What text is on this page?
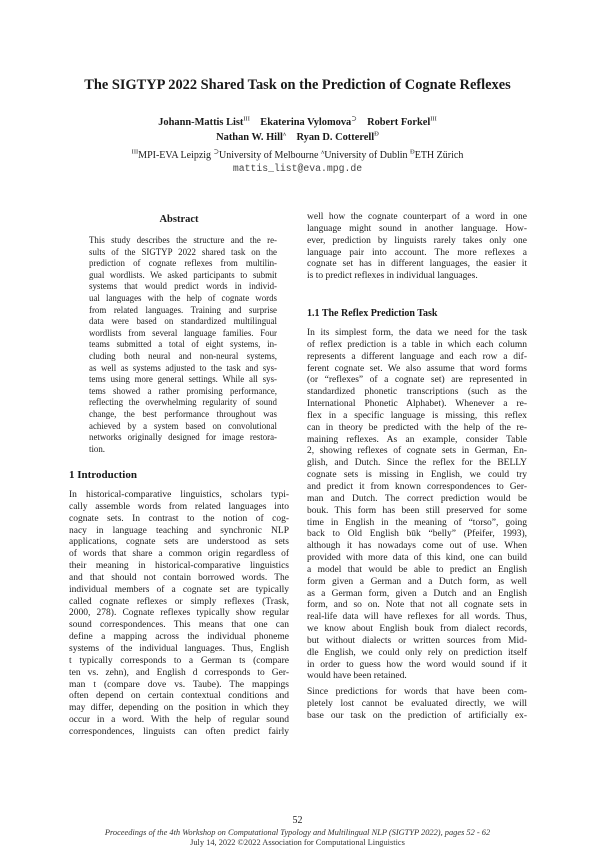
The SIGTYP 2022 Shared Task on the Prediction of Cognate Reflexes
Johann-Mattis List$^{III}$  Ekaterina Vylomova⊃  Robert Forkel$^{III}$
Nathan W. Hill$^ʌ$  Ryan D. Cotterell$^Ɖ$
$^{III}$MPI-EVA Leipzig ⊃University of Melbourne $^ʌ$University of Dublin $^Ɖ$ETH Zürich
mattis_list@eva.mpg.de
Abstract
This study describes the structure and the re-
sults of the SIGTYP 2022 shared task on the
prediction of cognate reflexes from multilin-
gual wordlists. We asked participants to submit
systems that would predict words in individ-
ual languages with the help of cognate words
from related languages. Training and surprise
data were based on standardized multilingual
wordlists from several language families. Four
teams submitted a total of eight systems, in-
cluding both neural and non-neural systems,
as well as systems adjusted to the task and sys-
tems using more general settings. While all sys-
tems showed a rather promising performance,
reflecting the overwhelming regularity of sound
change, the best performance throughout was
achieved by a system based on convolutional
networks originally designed for image restora-
tion.
1 Introduction
In historical-comparative linguistics, scholars typi-
cally assemble words from related languages into
cognate sets. In contrast to the notion of cog-
nacy in language teaching and synchronic NLP
applications, cognate sets are understood as sets
of words that share a common origin regardless of
their meaning in historical-comparative linguistics
and that should not contain borrowed words. The
individual members of a cognate set are typically
called cognate reflexes or simply reflexes (Trask,
2000, 278). Cognate reflexes typically show regular
sound correspondences. This means that one can
define a mapping across the individual phoneme
systems of the individual languages. Thus, English
t typically corresponds to a German ts (compare
ten vs. zehn), and English d corresponds to Ger-
man t (compare dove vs. Taube). The mappings
often depend on certain contextual conditions and
may differ, depending on the position in which they
occur in a word. With the help of regular sound
correspondences, linguists can often predict fairly
well how the cognate counterpart of a word in one
language might sound in another language. How-
ever, prediction by linguists rarely takes only one
language pair into account. The more reflexes a
cognate set has in different languages, the easier it
is to predict reflexes in individual languages.
1.1 The Reflex Prediction Task
In its simplest form, the data we need for the task
of reflex prediction is a table in which each column
represents a different language and each row a dif-
ferent cognate set. We also assume that word forms
(or “reflexes” of a cognate set) are represented in
standardized phonetic transcriptions (such as the
International Phonetic Alphabet). Whenever a re-
flex in a specific language is missing, this reflex
can in theory be predicted with the help of the re-
maining reflexes. As an example, consider Table
2, showing reflexes of cognate sets in German, En-
glish, and Dutch. Since the reflex for the BELLY
cognate sets is missing in English, we could try
and predict it from known correspondences to Ger-
man and Dutch. The correct prediction would be
bouk. This form has been still preserved for some
time in English in the meaning of “torso”, going
back to Old English būk “belly” (Pfeifer, 1993),
although it has nowadays come out of use. When
provided with more data of this kind, one can build
a model that would be able to predict an English
form given a German and a Dutch form, as well
as a German form, given a Dutch and an English
form, and so on. Note that not all cognate sets in
real-life data will have reflexes for all words. Thus,
we know about English bouk from dialect records,
but without dialects or written sources from Mid-
dle English, we could only rely on prediction itself
in order to guess how the word would sound if it
would have been retained.
Since predictions for words that have been com-
pletely lost cannot be evaluated directly, we will
base our task on the prediction of artificially ex-
52
Proceedings of the 4th Workshop on Computational Typology and Multilingual NLP (SIGTYP 2022), pages 52 - 62
July 14, 2022 ©2022 Association for Computational Linguistics
